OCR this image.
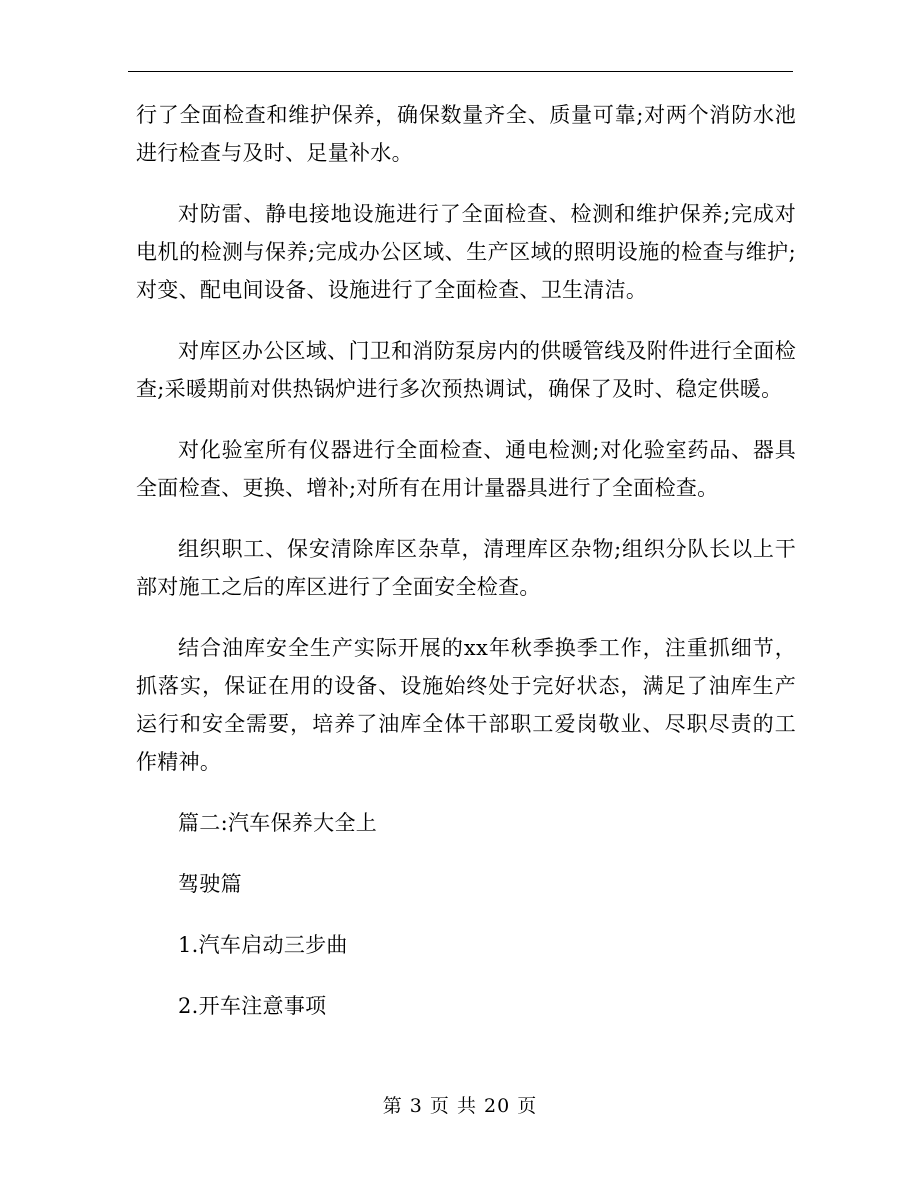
行了全面检查和维护保养，确保数量齐全、质量可靠;对两个消防水池进行检查与及时、足量补水。

对防雷、静电接地设施进行了全面检查、检测和维护保养;完成对电机的检测与保养;完成办公区域、生产区域的照明设施的检查与维护;对变、配电间设备、设施进行了全面检查、卫生清洁。

对库区办公区域、门卫和消防泵房内的供暖管线及附件进行全面检查;采暖期前对供热锅炉进行多次预热调试，确保了及时、稳定供暖。

对化验室所有仪器进行全面检查、通电检测;对化验室药品、器具全面检查、更换、增补;对所有在用计量器具进行了全面检查。

组织职工、保安清除库区杂草，清理库区杂物;组织分队长以上干部对施工之后的库区进行了全面安全检查。

结合油库安全生产实际开展的xx年秋季换季工作，注重抓细节，抓落实，保证在用的设备、设施始终处于完好状态，满足了油库生产运行和安全需要，培养了油库全体干部职工爱岗敬业、尽职尽责的工作精神。

篇二:汽车保养大全上

驾驶篇

1.汽车启动三步曲

2.开车注意事项

第 3 页 共 20 页
